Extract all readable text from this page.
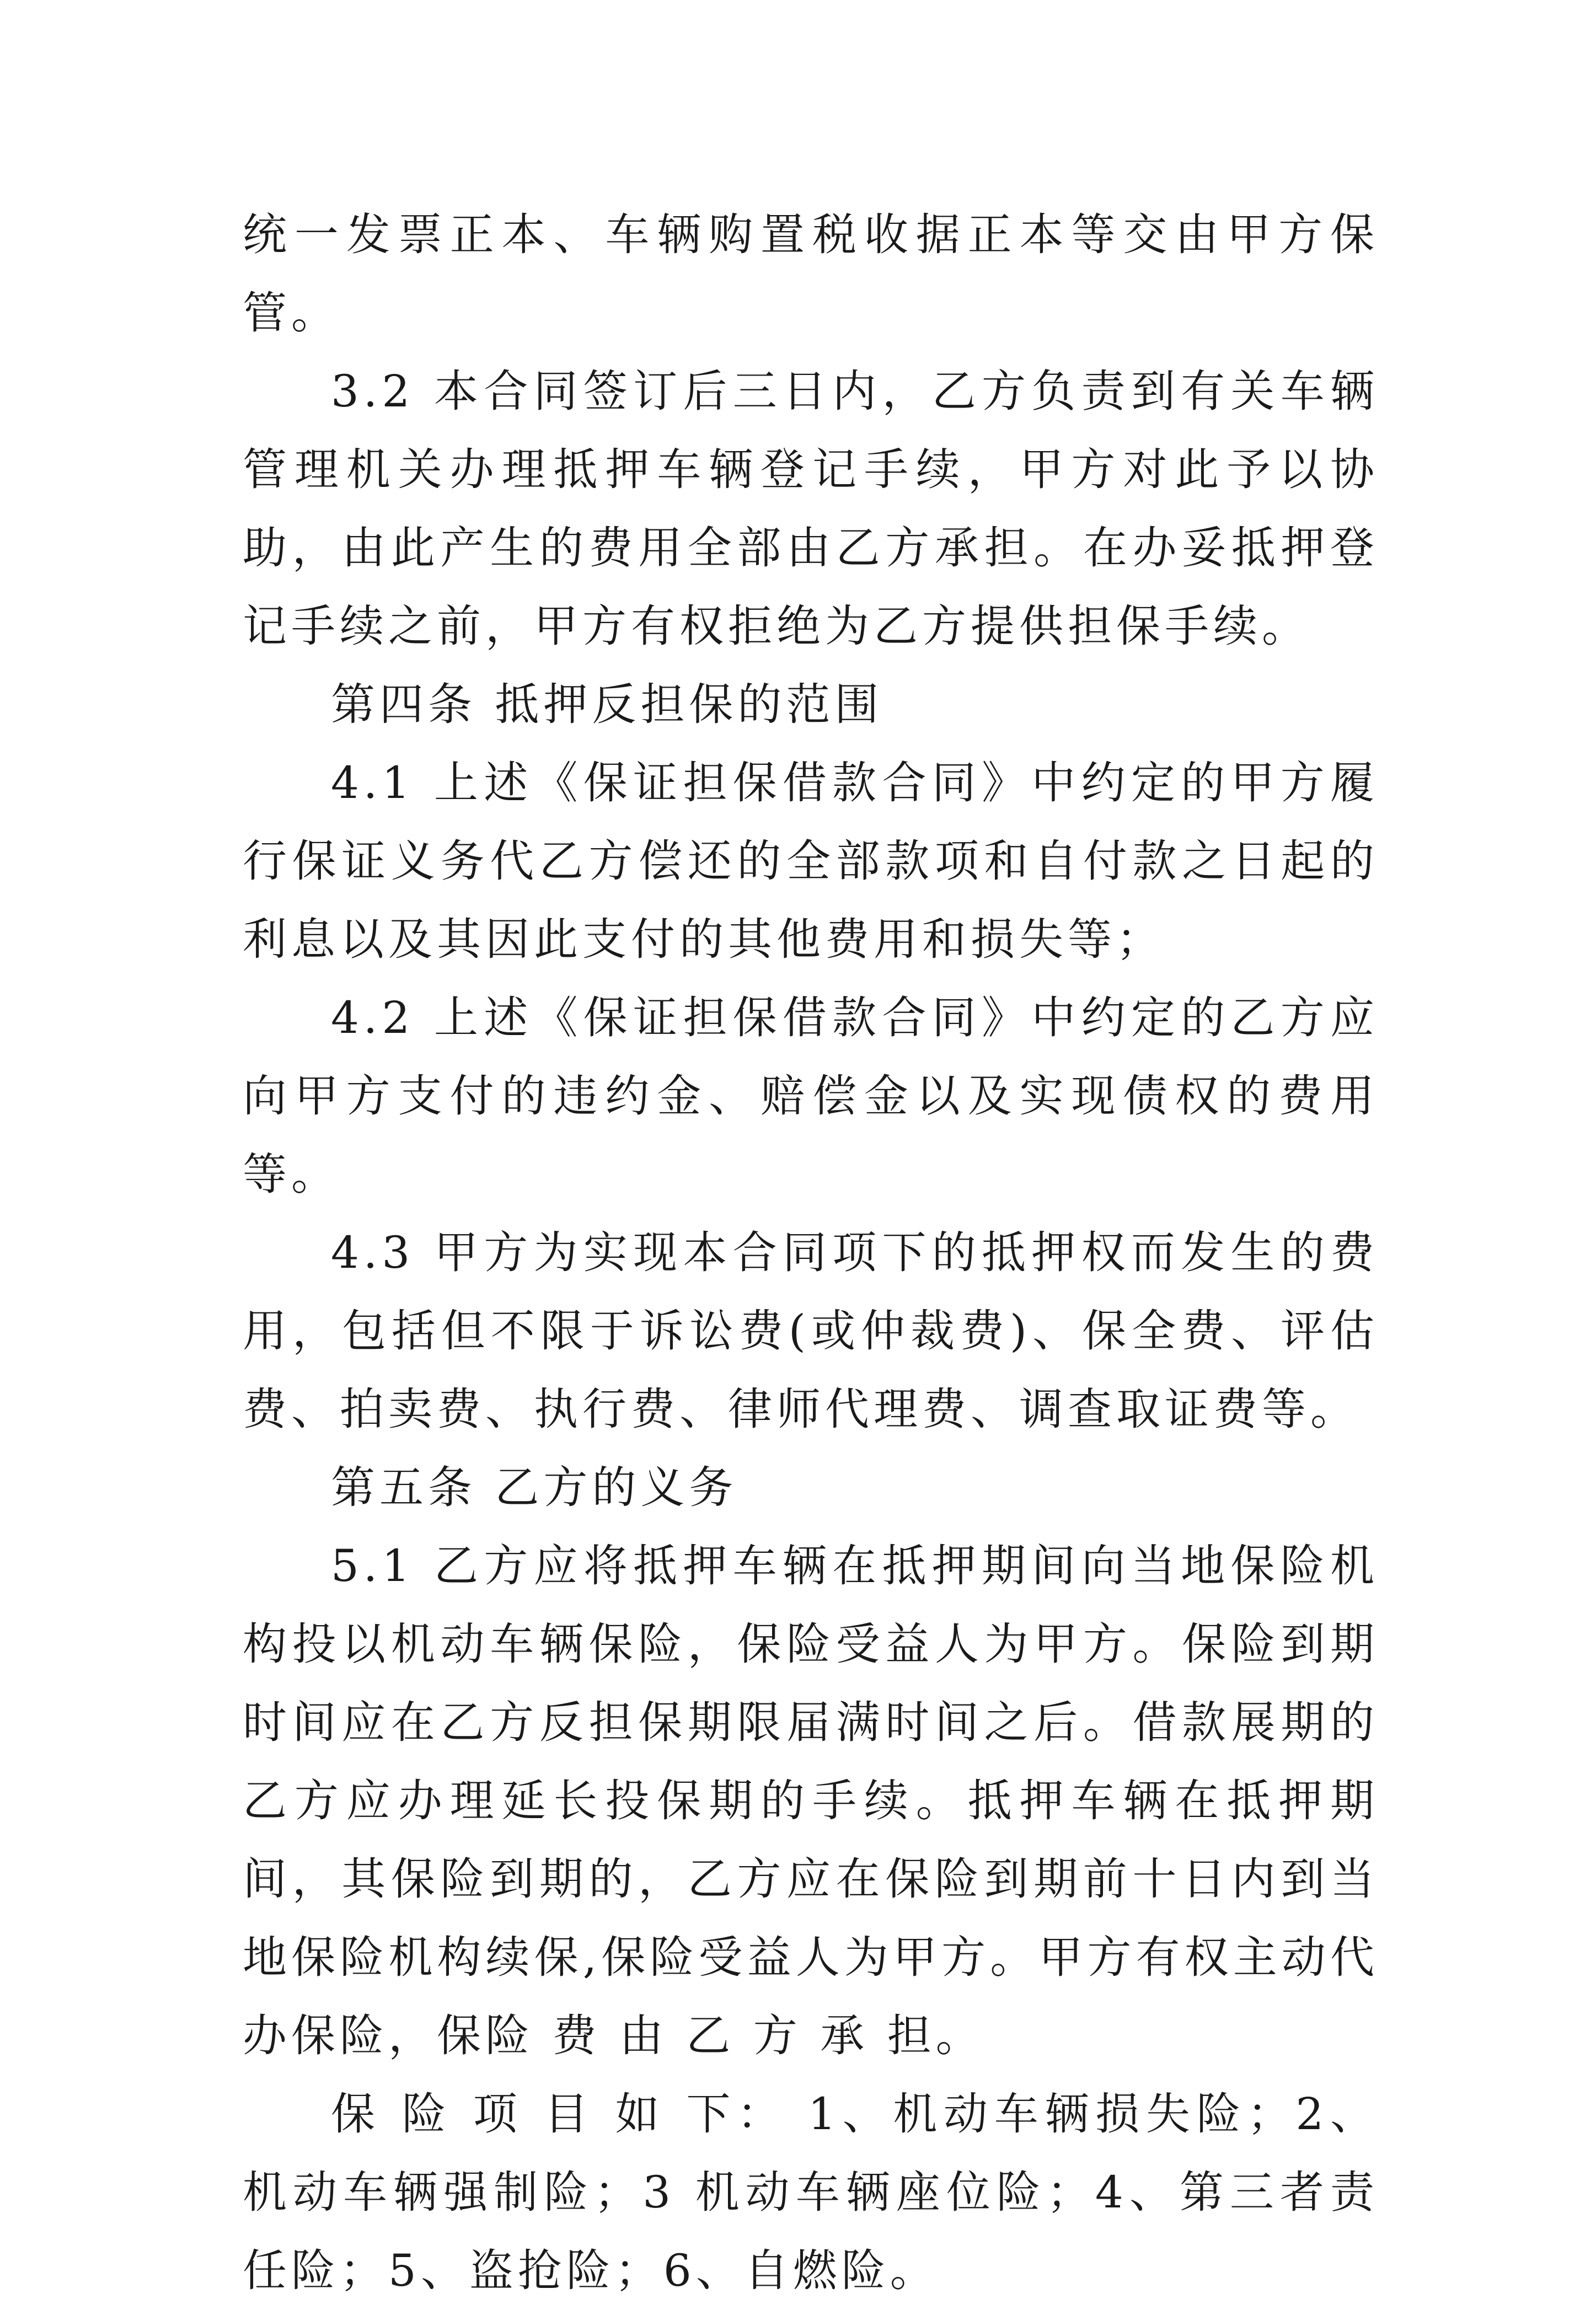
统一发票正本、车辆购置税收据正本等交由甲方保管。

3.2 本合同签订后三日内，乙方负责到有关车辆管理机关办理抵押车辆登记手续，甲方对此予以协助，由此产生的费用全部由乙方承担。在办妥抵押登记手续之前，甲方有权拒绝为乙方提供担保手续。

第四条 抵押反担保的范围

4.1 上述《保证担保借款合同》中约定的甲方履行保证义务代乙方偿还的全部款项和自付款之日起的利息以及其因此支付的其他费用和损失等；

4.2 上述《保证担保借款合同》中约定的乙方应向甲方支付的违约金、赔偿金以及实现债权的费用等。

4.3 甲方为实现本合同项下的抵押权而发生的费用，包括但不限于诉讼费(或仲裁费)、保全费、评估费、拍卖费、执行费、律师代理费、调查取证费等。

第五条 乙方的义务

5.1 乙方应将抵押车辆在抵押期间向当地保险机构投以机动车辆保险，保险受益人为甲方。保险到期时间应在乙方反担保期限届满时间之后。借款展期的乙方应办理延长投保期的手续。抵押车辆在抵押期间，其保险到期的，乙方应在保险到期前十日内到当地保险机构续保,保险受益人为甲方。甲方有权主动代办保险，保险 费 由 乙 方 承 担。

保 险 项 目 如 下： 1、机动车辆损失险；2、机动车辆强制险；3 机动车辆座位险；4、第三者责任险；5、盗抢险；6、自燃险。
